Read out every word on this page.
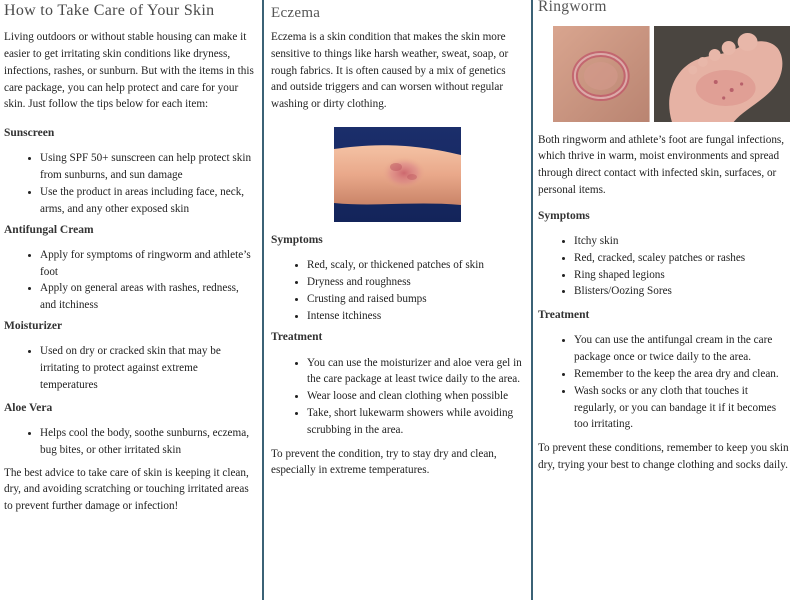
How to Take Care of Your Skin

Living outdoors or without stable housing can make it easier to get irritating skin conditions like dryness, infections, rashes, or sunburn. But with the items in this care package, you can help protect and care for your skin. Just follow the tips below for each item:

Sunscreen
• Using SPF 50+ sunscreen can help protect skin from sunburns, and sun damage
• Use the product in areas including face, neck, arms, and any other exposed skin
Antifungal Cream
• Apply for symptoms of ringworm and athlete’s foot
• Apply on general areas with rashes, redness, and itchiness
Moisturizer
• Used on dry or cracked skin that may be irritating to protect against extreme temperatures
Aloe Vera
• Helps cool the body, soothe sunburns, eczema, bug bites, or other irritated skin

The best advice to take care of skin is keeping it clean, dry, and avoiding scratching or touching irritated areas to prevent further damage or infection!

Eczema

Eczema is a skin condition that makes the skin more sensitive to things like harsh weather, sweat, soap, or rough fabrics. It is often caused by a mix of genetics and outside triggers and can worsen without regular washing or dirty clothing.

Symptoms
• Red, scaly, or thickened patches of skin
• Dryness and roughness
• Crusting and raised bumps
• Intense itchiness
Treatment
• You can use the moisturizer and aloe vera gel in the care package at least twice daily to the area.
• Wear loose and clean clothing when possible
• Take, short lukewarm showers while avoiding scrubbing in the area.

To prevent the condition, try to stay dry and clean, especially in extreme temperatures.

Ringworm

Both ringworm and athlete’s foot are fungal infections, which thrive in warm, moist environments and spread through direct contact with infected skin, surfaces, or personal items.

Symptoms
• Itchy skin
• Red, cracked, scaley patches or rashes
• Ring shaped legions
• Blisters/Oozing Sores
Treatment
• You can use the antifungal cream in the care package once or twice daily to the area.
• Remember to the keep the area dry and clean.
• Wash socks or any cloth that touches it regularly, or you can bandage it if it becomes too irritating.

To prevent these conditions, remember to keep you skin dry, trying your best to change clothing and socks daily.
